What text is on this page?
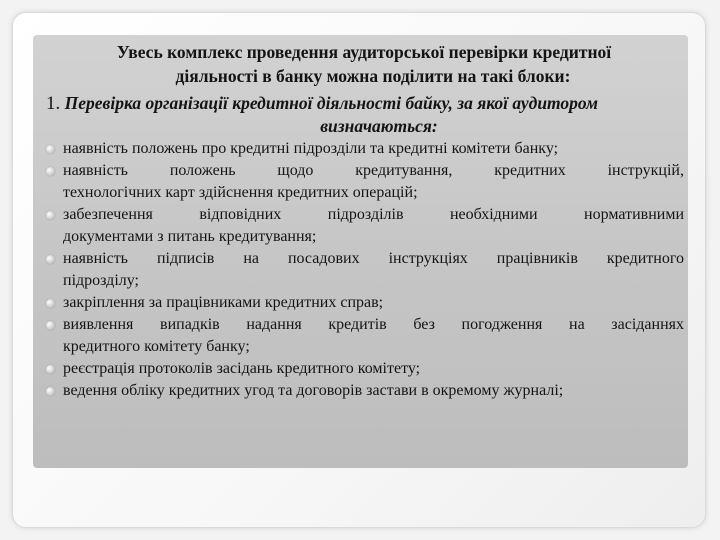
Увесь комплекс проведення аудиторської перевірки кредитної

діяльності в банку можна поділити на такі блоки:

1. Перевірка організації кредитної діяльності байку, за якої аудитором

визначаються:

наявність положень про кредитні підрозділи та кредитні комітети банку;
наявність положень щодо кредитування, кредитних інструкцій,
технологічних карт здійснення кредитних операцій;
забезпечення відповідних підрозділів необхідними нормативними
документами з питань кредитування;
наявність підписів на посадових інструкціях працівників кредитного
підрозділу;
закріплення за працівниками кредитних справ;
виявлення випадків надання кредитів без погодження на засіданнях
кредитного комітету банку;
реєстрація протоколів засідань кредитного комітету;
ведення обліку кредитних угод та договорів застави в окремому журналі;
